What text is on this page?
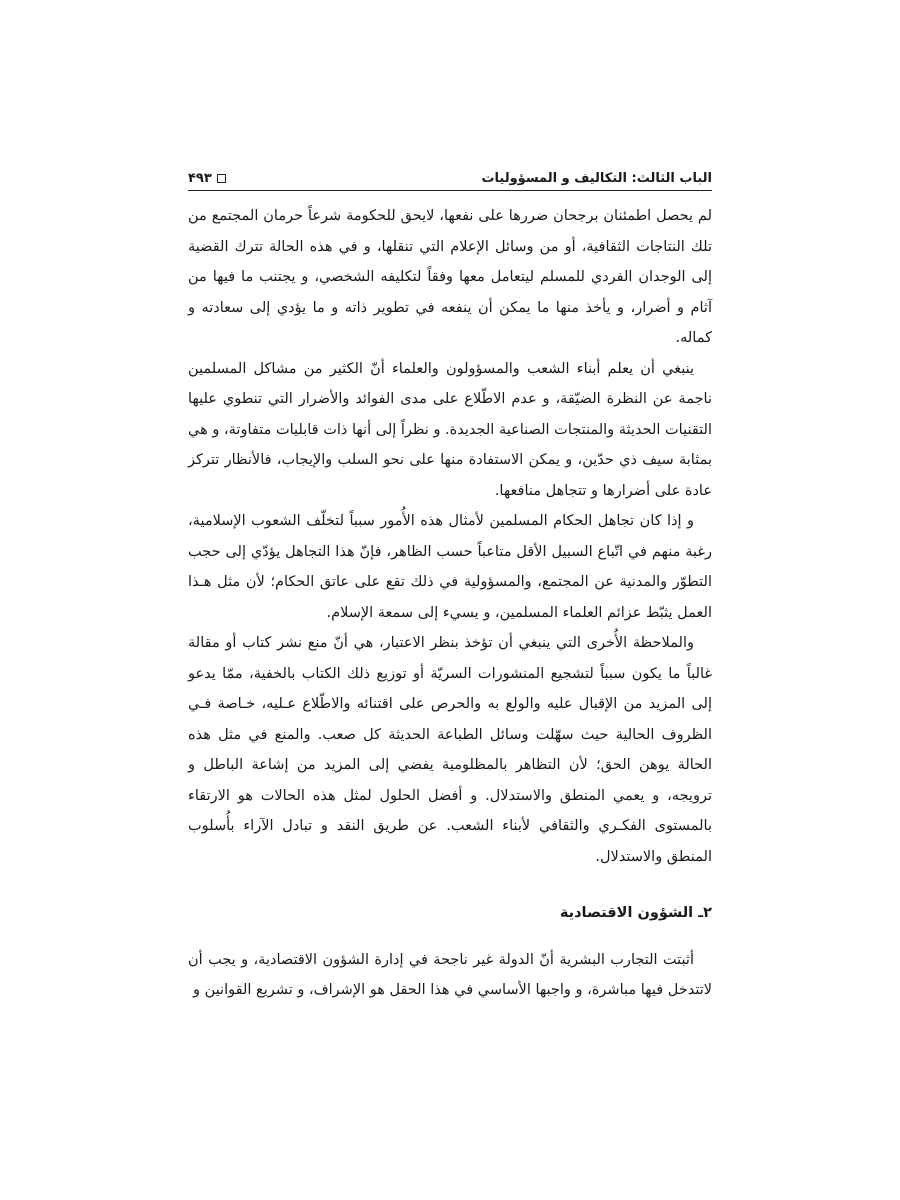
الباب الثالث: التكاليف و المسؤوليات
۴۹۳

لم يحصل اطمئنان برجحان ضررها على نفعها، لايحق للحكومة شرعاً حرمان المجتمع من تلك النتاجات الثقافية، أو من وسائل الإعلام التي تنقلها، و في هذه الحالة تترك القضية إلى الوجدان الفردي للمسلم ليتعامل معها وفقاً لتكليفه الشخصي، و يجتنب ما فيها من آثام و أضرار، و يأخذ منها ما يمكن أن ينفعه في تطوير ذاته و ما يؤدي إلى سعادته و كماله.

ينبغي أن يعلم أبناء الشعب والمسؤولون والعلماء أنّ الكثير من مشاكل المسلمين ناجمة عن النظرة الضيّقة، و عدم الاطّلاع على مدى الفوائد والأضرار التي تنطوي عليها التقنيات الحديثة والمنتجات الصناعية الجديدة. و نظراً إلى أنها ذات قابليات متفاوتة، و هي بمثابة سيف ذي حدّين، و يمكن الاستفادة منها على نحو السلب والإيجاب، فالأنظار تتركز عادة على أضرارها و تتجاهل منافعها.

و إذا كان تجاهل الحكام المسلمين لأمثال هذه الأُمور سبباً لتخلّف الشعوب الإسلامية، رغبة منهم في اتّباع السبيل الأقل متاعباً حسب الظاهر، فإنّ هذا التجاهل يؤدّي إلى حجب التطوّر والمدنية عن المجتمع، والمسؤولية في ذلك تقع على عاتق الحكام؛ لأن مثل هـذا العمل يثبّط عزائم العلماء المسلمين، و يسيء إلى سمعة الإسلام.

والملاحظة الأُخرى التي ينبغي أن تؤخذ بنظر الاعتبار، هي أنّ منع نشر كتاب أو مقالة غالباً ما يكون سبباً لتشجيع المنشورات السريّة أو توزيع ذلك الكتاب بالخفية، ممّا يدعو إلى المزيد من الإقبال عليه والولع به والحرص على اقتنائه والاطّلاع عـليه، خـاصة فـي الظروف الحالية حيث سهّلت وسائل الطباعة الحديثة كل صعب. والمنع في مثل هذه الحالة يوهن الحق؛ لأن التظاهر بالمظلومية يفضي إلى المزيد من إشاعة الباطل و ترويجه، و يعمي المنطق والاستدلال. و أفضل الحلول لمثل هذه الحالات هو الارتقاء بالمستوى الفكـري والثقافي لأبناء الشعب. عن طريق النقد و تبادل الآراء بأُسلوب المنطق والاستدلال.

٢ـ الشؤون الاقتصادية

أثبتت التجارب البشرية أنّ الدولة غير ناجحة في إدارة الشؤون الاقتصادية، و يجب أن لاتتدخل فيها مباشرة، و واجبها الأساسي في هذا الحقل هو الإشراف، و تشريع القوانين و
